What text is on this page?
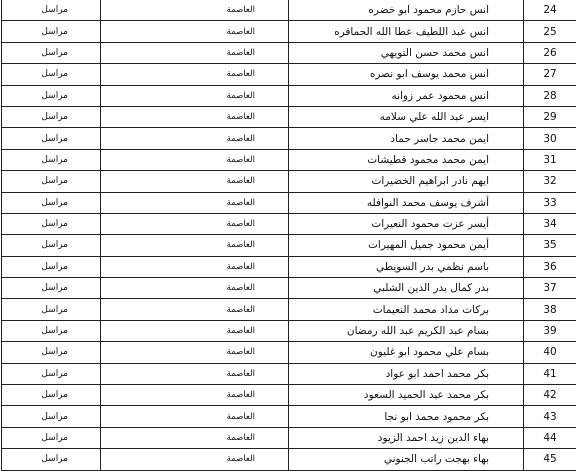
مراسل	العاصمة	انس حازم محمود ابو خضره	24
مراسل	العاصمة	انس عبد اللطيف عطا الله الحماقره	25
مراسل	العاصمة	انس محمد حسن التويهي	26
مراسل	العاصمة	انس محمد يوسف ابو نصره	27
مراسل	العاصمة	انس محمود عمر زوانه	28
مراسل	العاصمة	ايسر عبد الله علي سلامه	29
مراسل	العاصمة	ايمن محمد جاسر حماد	30
مراسل	العاصمة	ايمن محمد محمود قطيشات	31
مراسل	العاصمة	ايهم نادر ابراهيم الخضيرات	32
مراسل	العاصمة	أشرف يوسف محمد النوافله	33
مراسل	العاصمة	أيسر عزت محمود النعيرات	34
مراسل	العاصمة	أيمن محمود جميل المهيرات	35
مراسل	العاصمة	باسم نظمي بدر السويطي	36
مراسل	العاصمة	بدر كمال بدر الدين الشلبي	37
مراسل	العاصمة	بركات مداد محمد النعيمات	38
مراسل	العاصمة	بسام عبد الكريم عبد الله رمضان	39
مراسل	العاصمة	بسام علي محمود ابو غليون	40
مراسل	العاصمة	بكر محمد احمد ابو عواد	41
مراسل	العاصمة	بكر محمد عبد الحميد السعود	42
مراسل	العاصمة	بكر محمود محمد ابو نجا	43
مراسل	العاصمة	بهاء الدين زيد احمد الزيود	44
مراسل	العاصمة	بهاء بهجت راتب الجنوني	45
